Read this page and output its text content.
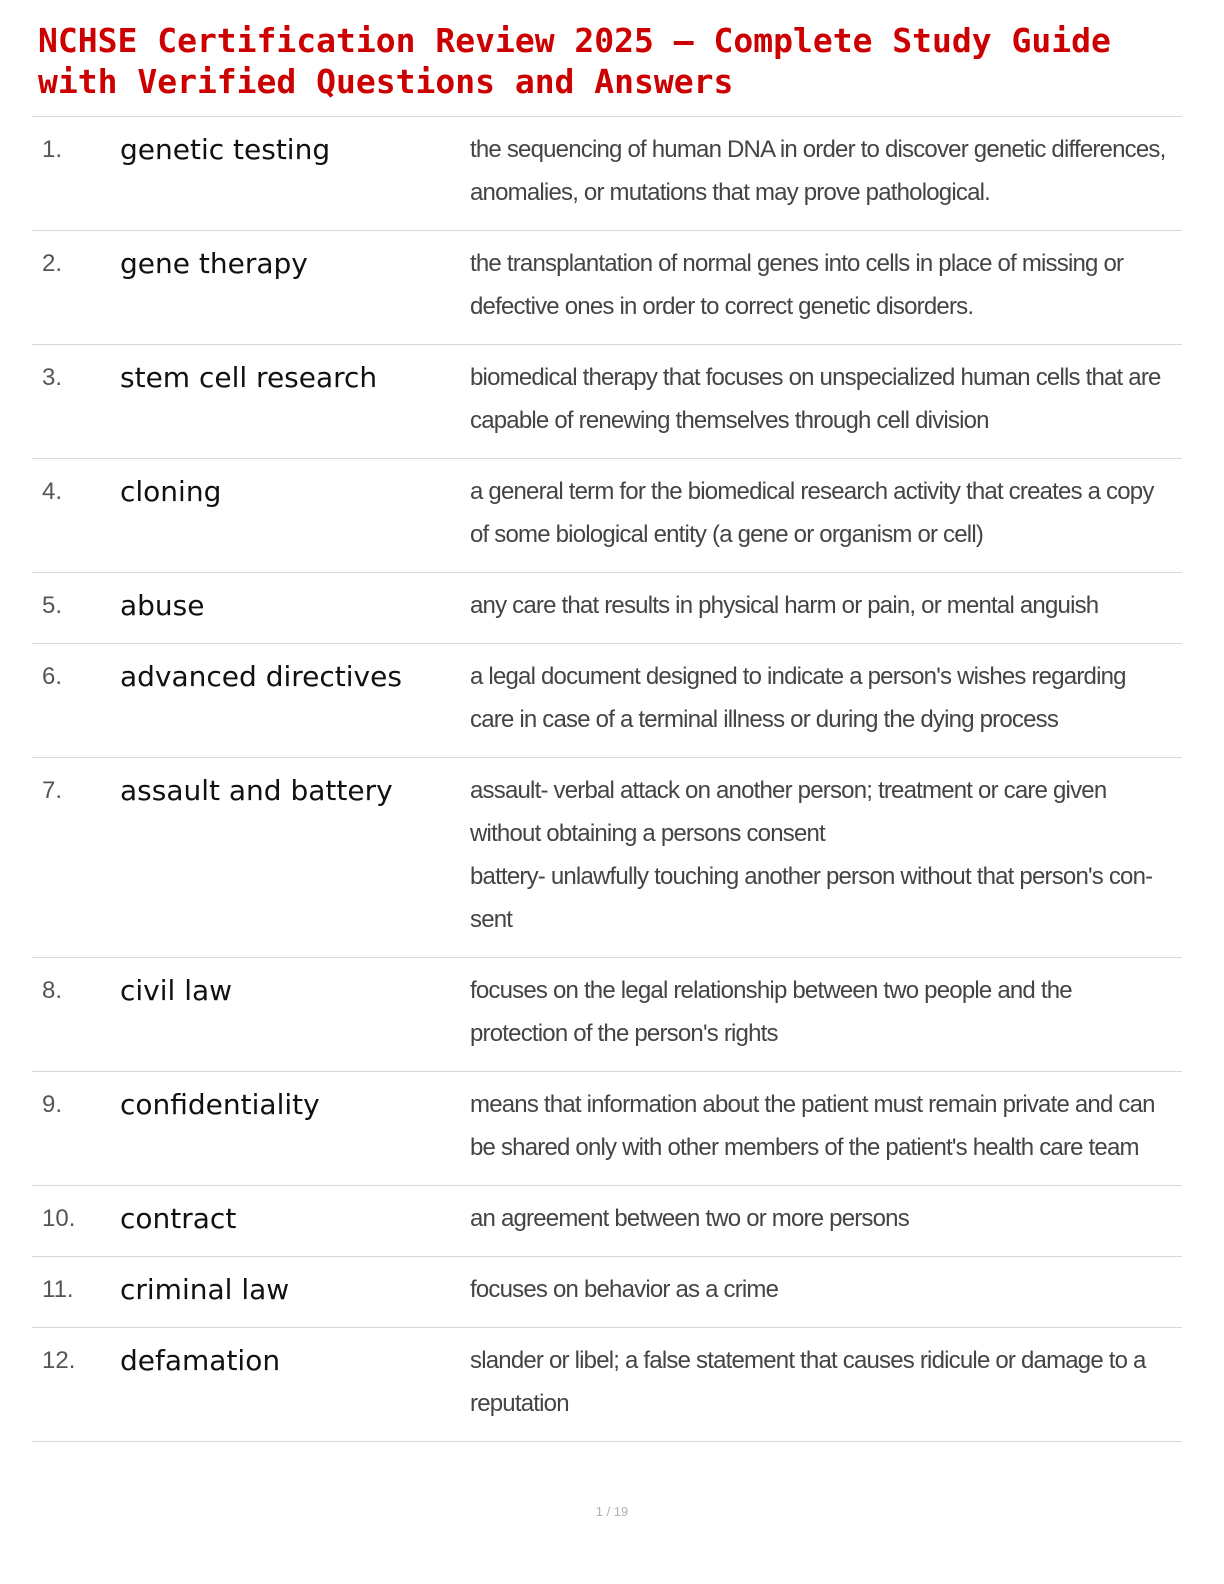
NCHSE Certification Review 2025 – Complete Study Guide with Verified Questions and Answers
1.	genetic testing	the sequencing of human DNA in order to discover genetic differences, anomalies, or mutations that may prove pathological.

2.	gene therapy	the transplantation of normal genes into cells in place of missing or defective ones in order to correct genetic disorders.

3.	stem cell research	biomedical therapy that focuses on unspecialized human cells that are capable of renewing themselves through cell division

4.	cloning	a general term for the biomedical research activity that creates a copy of some biological entity (a gene or organism or cell)

5.	abuse	any care that results in physical harm or pain, or mental anguish

6.	advanced directives	a legal document designed to indicate a person's wishes regarding care in case of a terminal illness or during the dying process

7.	assault and battery	assault- verbal attack on another person; treatment or care given without obtaining a persons consent
battery- unlawfully touching another person without that person's con- sent

8.	civil law	focuses on the legal relationship between two people and the protection of the person's rights

9.	confidentiality	means that information about the patient must remain private and can be shared only with other members of the patient's health care team

10.	contract	an agreement between two or more persons

11.	criminal law	focuses on behavior as a crime

12.	defamation	slander or libel; a false statement that causes ridicule or damage to a reputation
1 / 19
